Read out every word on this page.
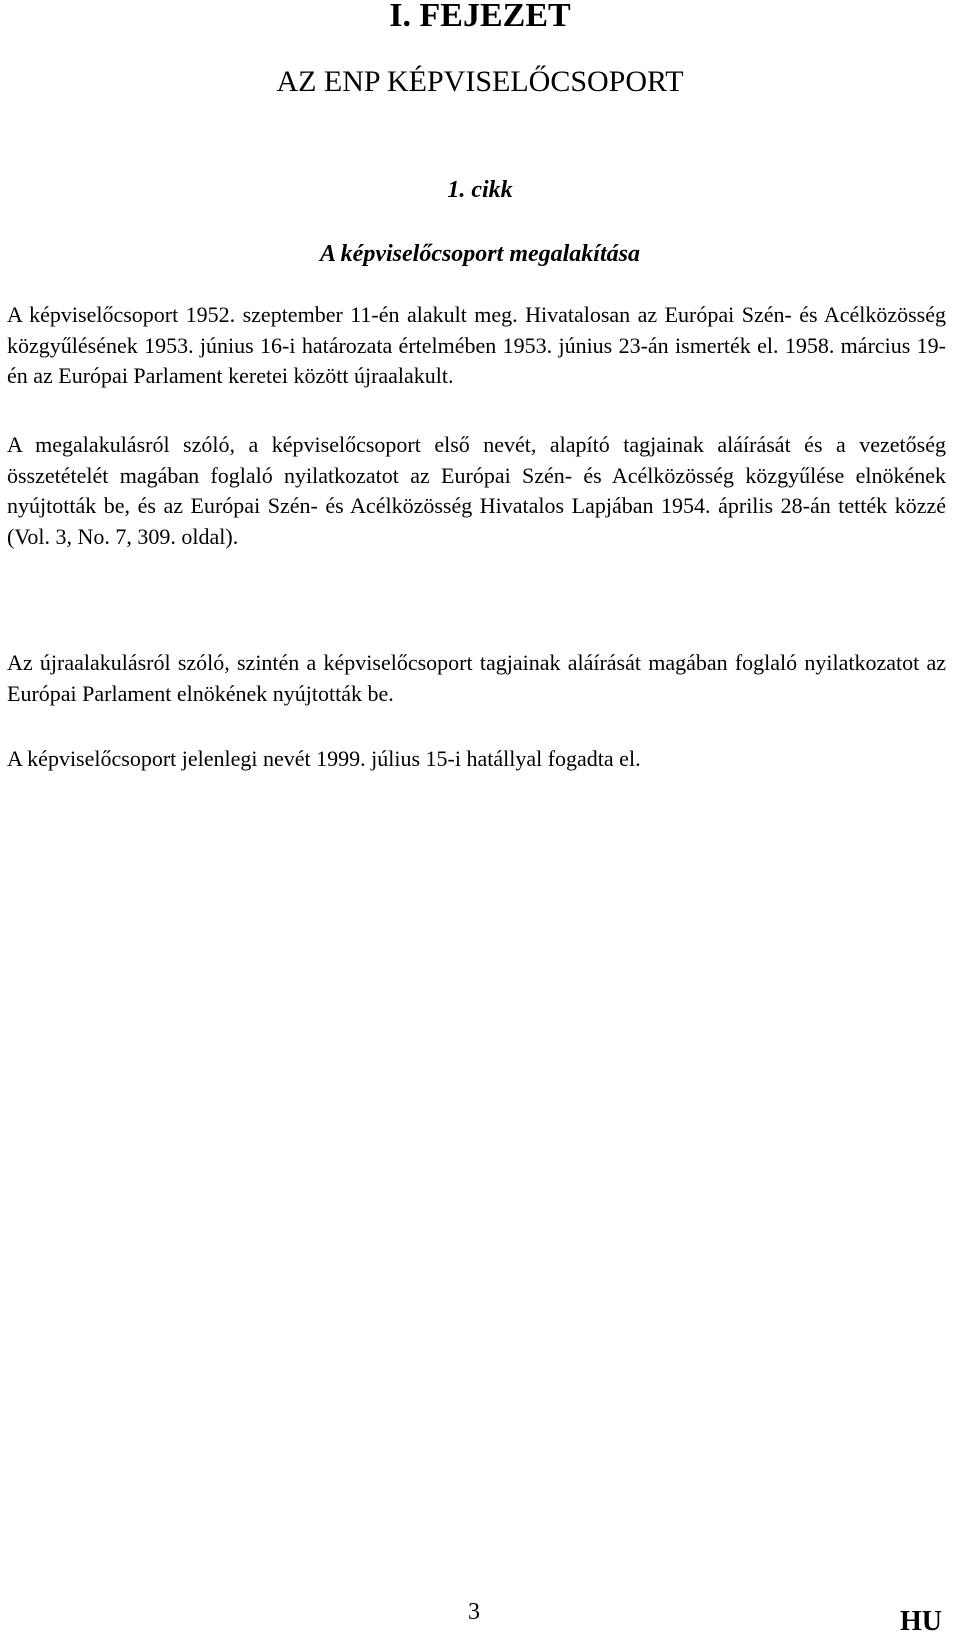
I. FEJEZET
AZ ENP KÉPVISELŐCSOPORT
1. cikk
A képviselőcsoport megalakítása

A képviselőcsoport 1952. szeptember 11-én alakult meg. Hivatalosan az Európai Szén- és Acélközösség közgyűlésének 1953. június 16-i határozata értelmében 1953. június 23-án ismerték el. 1958. március 19-én az Európai Parlament keretei között újraalakult.

A megalakulásról szóló, a képviselőcsoport első nevét, alapító tagjainak aláírását és a vezetőség összetételét magában foglaló nyilatkozatot az Európai Szén- és Acélközösség közgyűlése elnökének nyújtották be, és az Európai Szén- és Acélközösség Hivatalos Lapjában 1954. április 28-án tették közzé (Vol. 3, No. 7, 309. oldal).

Az újraalakulásról szóló, szintén a képviselőcsoport tagjainak aláírását magában foglaló nyilatkozatot az Európai Parlament elnökének nyújtották be.

A képviselőcsoport jelenlegi nevét 1999. július 15-i hatállyal fogadta el.

3	HU
